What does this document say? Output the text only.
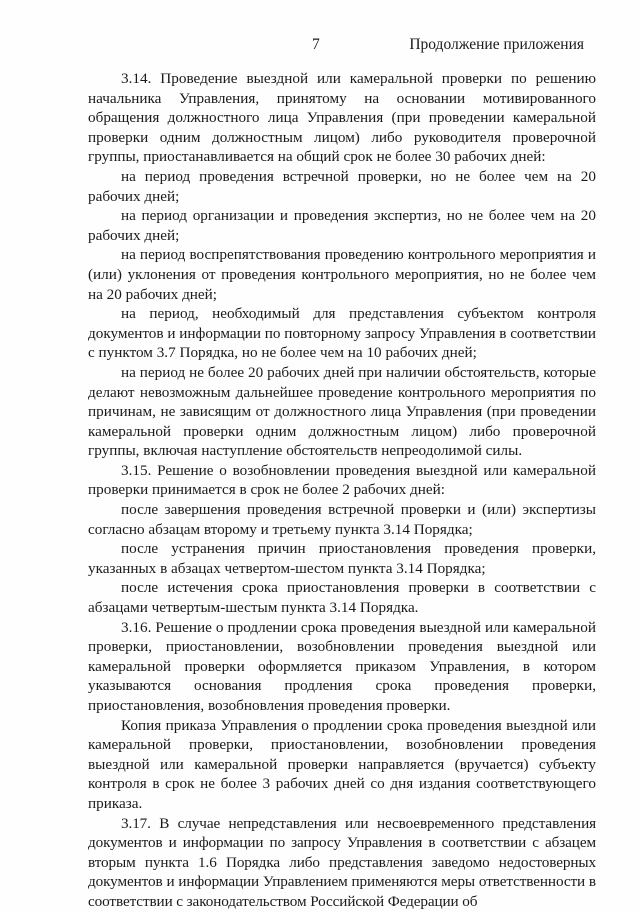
7	Продолжение приложения

3.14. Проведение выездной или камеральной проверки по решению начальника Управления, принятому на основании мотивированного обращения должностного лица Управления (при проведении камеральной проверки одним должностным лицом) либо руководителя проверочной группы, приостанавливается на общий срок не более 30 рабочих дней:

на период проведения встречной проверки, но не более чем на 20 рабочих дней;

на период организации и проведения экспертиз, но не более чем на 20 рабочих дней;

на период воспрепятствования проведению контрольного мероприятия и (или) уклонения от проведения контрольного мероприятия, но не более чем на 20 рабочих дней;

на период, необходимый для представления субъектом контроля документов и информации по повторному запросу Управления в соответствии с пунктом 3.7 Порядка, но не более чем на 10 рабочих дней;

на период не более 20 рабочих дней при наличии обстоятельств, которые делают невозможным дальнейшее проведение контрольного мероприятия по причинам, не зависящим от должностного лица Управления (при проведении камеральной проверки одним должностным лицом) либо проверочной группы, включая наступление обстоятельств непреодолимой силы.

3.15. Решение о возобновлении проведения выездной или камеральной проверки принимается в срок не более 2 рабочих дней:

после завершения проведения встречной проверки и (или) экспертизы согласно абзацам второму и третьему пункта 3.14 Порядка;

после устранения причин приостановления проведения проверки, указанных в абзацах четвертом-шестом пункта 3.14 Порядка;

после истечения срока приостановления проверки в соответствии с абзацами четвертым-шестым пункта 3.14 Порядка.

3.16. Решение о продлении срока проведения выездной или камеральной проверки, приостановлении, возобновлении проведения выездной или камеральной проверки оформляется приказом Управления, в котором указываются основания продления срока проведения проверки, приостановления, возобновления проведения проверки.

Копия приказа Управления о продлении срока проведения выездной или камеральной проверки, приостановлении, возобновлении проведения выездной или камеральной проверки направляется (вручается) субъекту контроля в срок не более 3 рабочих дней со дня издания соответствующего приказа.

3.17. В случае непредставления или несвоевременного представления документов и информации по запросу Управления в соответствии с абзацем вторым пункта 1.6 Порядка либо представления заведомо недостоверных документов и информации Управлением применяются меры ответственности в соответствии с законодательством Российской Федерации об
